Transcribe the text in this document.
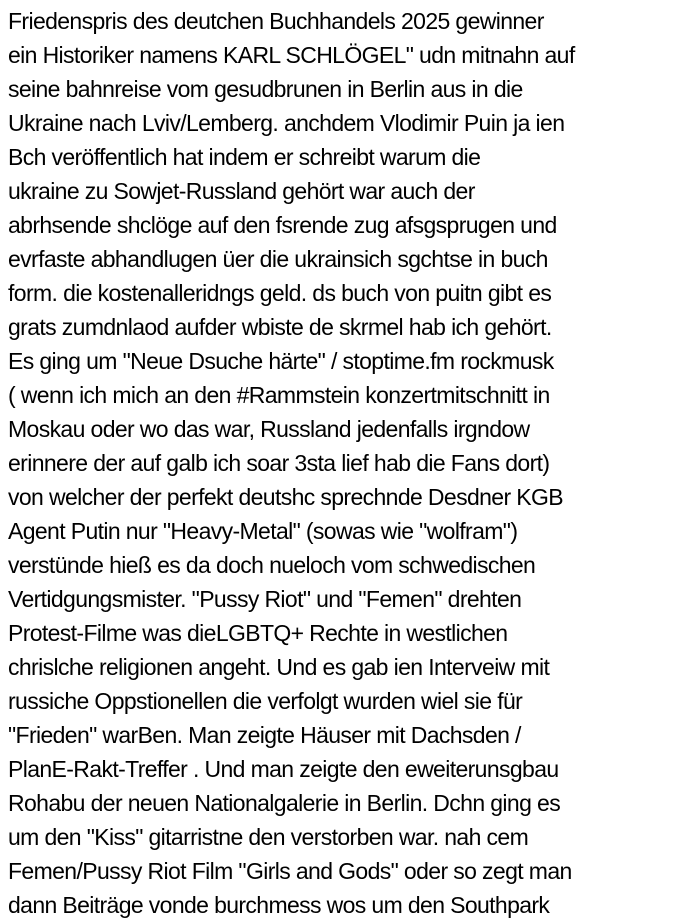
Friedenspris des deutchen Buchhandels 2025 gewinner
ein Historiker namens KARL SCHLÖGEL" udn mitnahn auf
seine bahnreise vom gesudbrunen in Berlin aus in die
Ukraine nach Lviv/Lemberg. anchdem Vlodimir Puin ja ien
Bch veröffentlich hat indem er schreibt warum die
ukraine zu Sowjet-Russland gehört war auch der
abrhsende shclöge auf den fsrende zug afsgsprugen und
evrfaste abhandlugen üer die ukrainsich sgchtse in buch
form. die kostenalleridngs geld. ds buch von puitn gibt es
grats zumdnlaod aufder wbiste de skrmel hab ich gehört.
Es ging um "Neue Dsuche härte" / stoptime.fm rockmusk
( wenn ich mich an den #Rammstein konzertmitschnitt in
Moskau oder wo das war, Russland jedenfalls irgndow
erinnere der auf galb ich soar 3sta lief hab die Fans dort)
von welcher der perfekt deutshc sprechnde Desdner KGB
Agent Putin nur "Heavy-Metal" (sowas wie "wolfram")
verstünde hieß es da doch nueloch vom schwedischen
Vertidgungsmister. "Pussy Riot" und "Femen" drehten
Protest-Filme was dieLGBTQ+ Rechte in westlichen
chrislche religionen angeht. Und es gab ien Interveiw mit
russiche Oppstionellen die verfolgt wurden wiel sie für
"Frieden" warBen. Man zeigte Häuser mit Dachsden /
PlanE-Rakt-Treffer . Und man zeigte den eweiterunsgbau
Rohabu der neuen Nationalgalerie in Berlin. Dchn ging es
um den "Kiss" gitarristne den verstorben war. nah cem
Femen/Pussy Riot Film "Girls and Gods" oder so zegt man
dann Beiträge vonde burchmess wos um den Southpark
